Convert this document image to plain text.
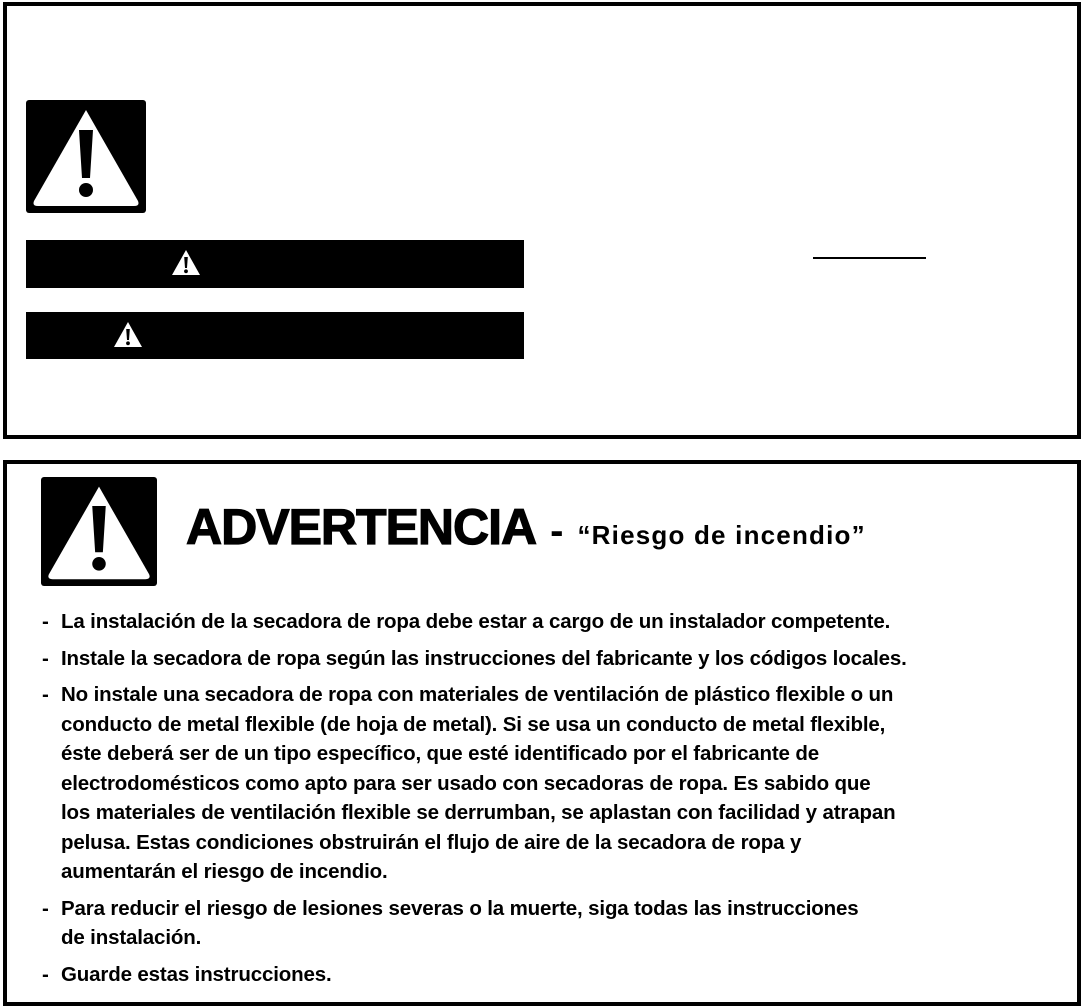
ADVERTENCIA - “Riesgo de incendio”
- La instalación de la secadora de ropa debe estar a cargo de un instalador competente.
- Instale la secadora de ropa según las instrucciones del fabricante y los códigos locales.
- No instale una secadora de ropa con materiales de ventilación de plástico flexible o un
conducto de metal flexible (de hoja de metal). Si se usa un conducto de metal flexible,
éste deberá ser de un tipo específico, que esté identificado por el fabricante de
electrodomésticos como apto para ser usado con secadoras de ropa. Es sabido que
los materiales de ventilación flexible se derrumban, se aplastan con facilidad y atrapan
pelusa. Estas condiciones obstruirán el flujo de aire de la secadora de ropa y
aumentarán el riesgo de incendio.
- Para reducir el riesgo de lesiones severas o la muerte, siga todas las instrucciones
de instalación.
- Guarde estas instrucciones.
